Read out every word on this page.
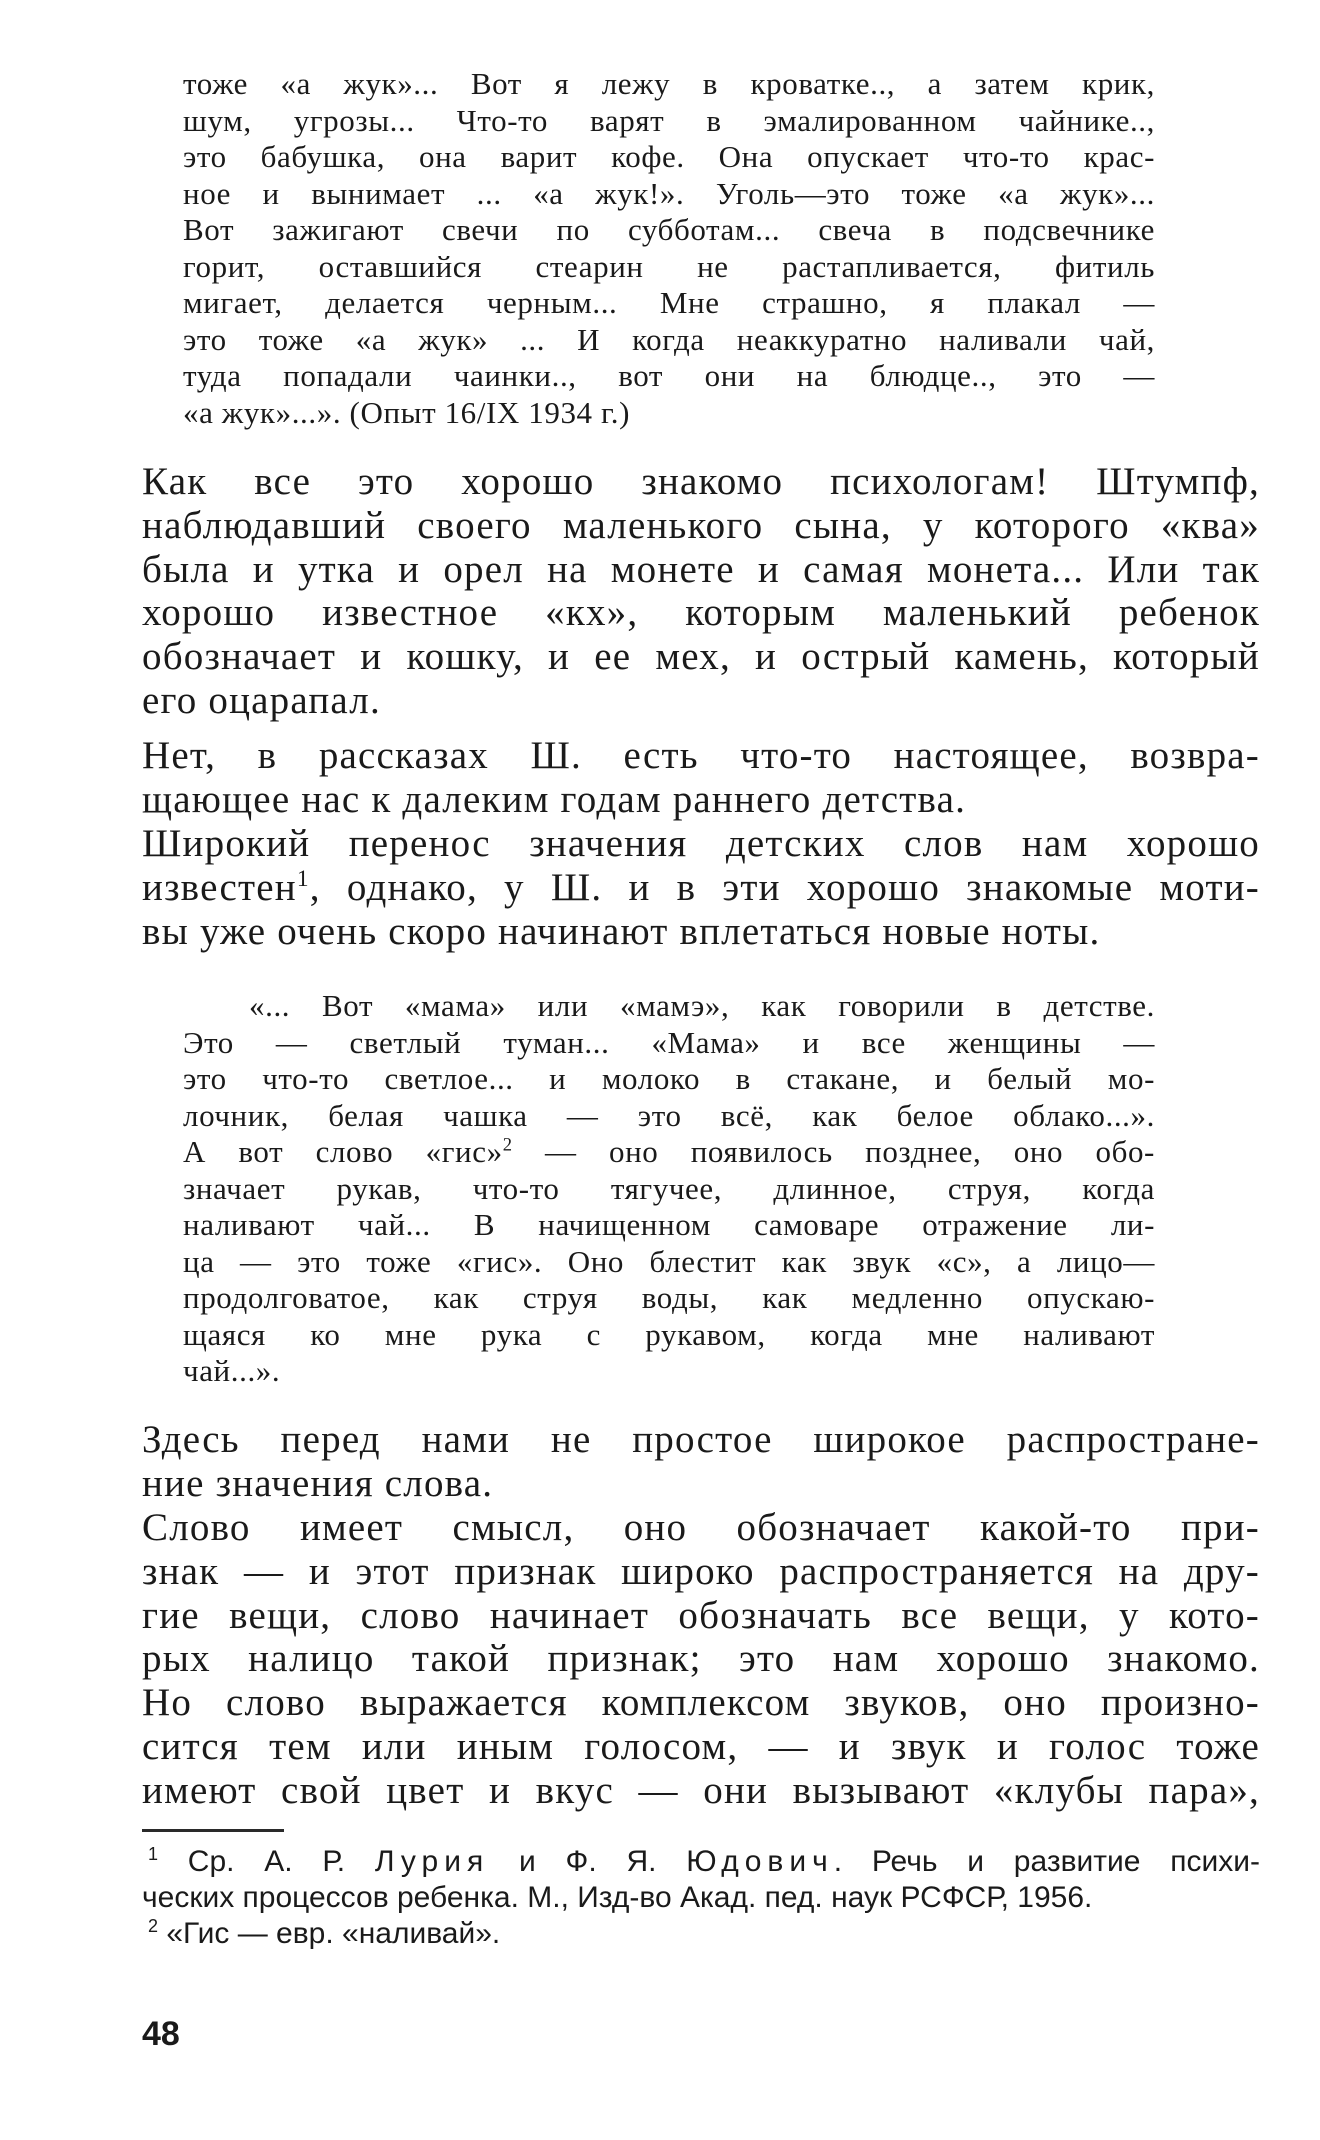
тоже «а жук»... Вот я лежу в кроватке.., а затем крик,
шум, угрозы... Что-то варят в эмалированном чайнике..,
это бабушка, она варит кофе. Она опускает что-то крас-
ное и вынимает ... «а жук!». Уголь—это тоже «а жук»...
Вот зажигают свечи по субботам... свеча в подсвечнике
горит, оставшийся стеарин не растапливается, фитиль
мигает, делается черным... Мне страшно, я плакал —
это тоже «а жук» ... И когда неаккуратно наливали чай,
туда попадали чаинки.., вот они на блюдце.., это —
«а жук»...». (Опыт 16/IX 1934 г.)
Как все это хорошо знакомо психологам! Штумпф,
наблюдавший своего маленького сына, у которого «ква»
была и утка и орел на монете и самая монета... Или так
хорошо известное «кх», которым маленький ребенок
обозначает и кошку, и ее мех, и острый камень, который
его оцарапал.
Нет, в рассказах Ш. есть что-то настоящее, возвра-
щающее нас к далеким годам раннего детства.
Широкий перенос значения детских слов нам хорошо
известен$^1$, однако, у Ш. и в эти хорошо знакомые моти-
вы уже очень скоро начинают вплетаться новые ноты.
«... Вот «мама» или «мамэ», как говорили в детстве.
Это — светлый туман... «Мама» и все женщины —
это что-то светлое... и молоко в стакане, и белый мо-
лочник, белая чашка — это всё, как белое облако...».
А вот слово «гис»$^2$ — оно появилось позднее, оно обо-
значает рукав, что-то тягучее, длинное, струя, когда
наливают чай... В начищенном самоваре отражение ли-
ца — это тоже «гис». Оно блестит как звук «с», а лицо—
продолговатое, как струя воды, как медленно опускаю-
щаяся ко мне рука с рукавом, когда мне наливают
чай...».
Здесь перед нами не простое широкое распростране-
ние значения слова.
Слово имеет смысл, оно обозначает какой-то при-
знак — и этот признак широко распространяется на дру-
гие вещи, слово начинает обозначать все вещи, у кото-
рых налицо такой признак; это нам хорошо знакомо.
Но слово выражается комплексом звуков, оно произно-
сится тем или иным голосом, — и звук и голос тоже
имеют свой цвет и вкус — они вызывают «клубы пара»,
$^1$ Ср. А. Р. Лурия и Ф. Я. Юдович. Речь и развитие психи-
ческих процессов ребенка. М., Изд-во Акад. пед. наук РСФСР, 1956.
$^2$ «Гис — евр. «наливай».
48
